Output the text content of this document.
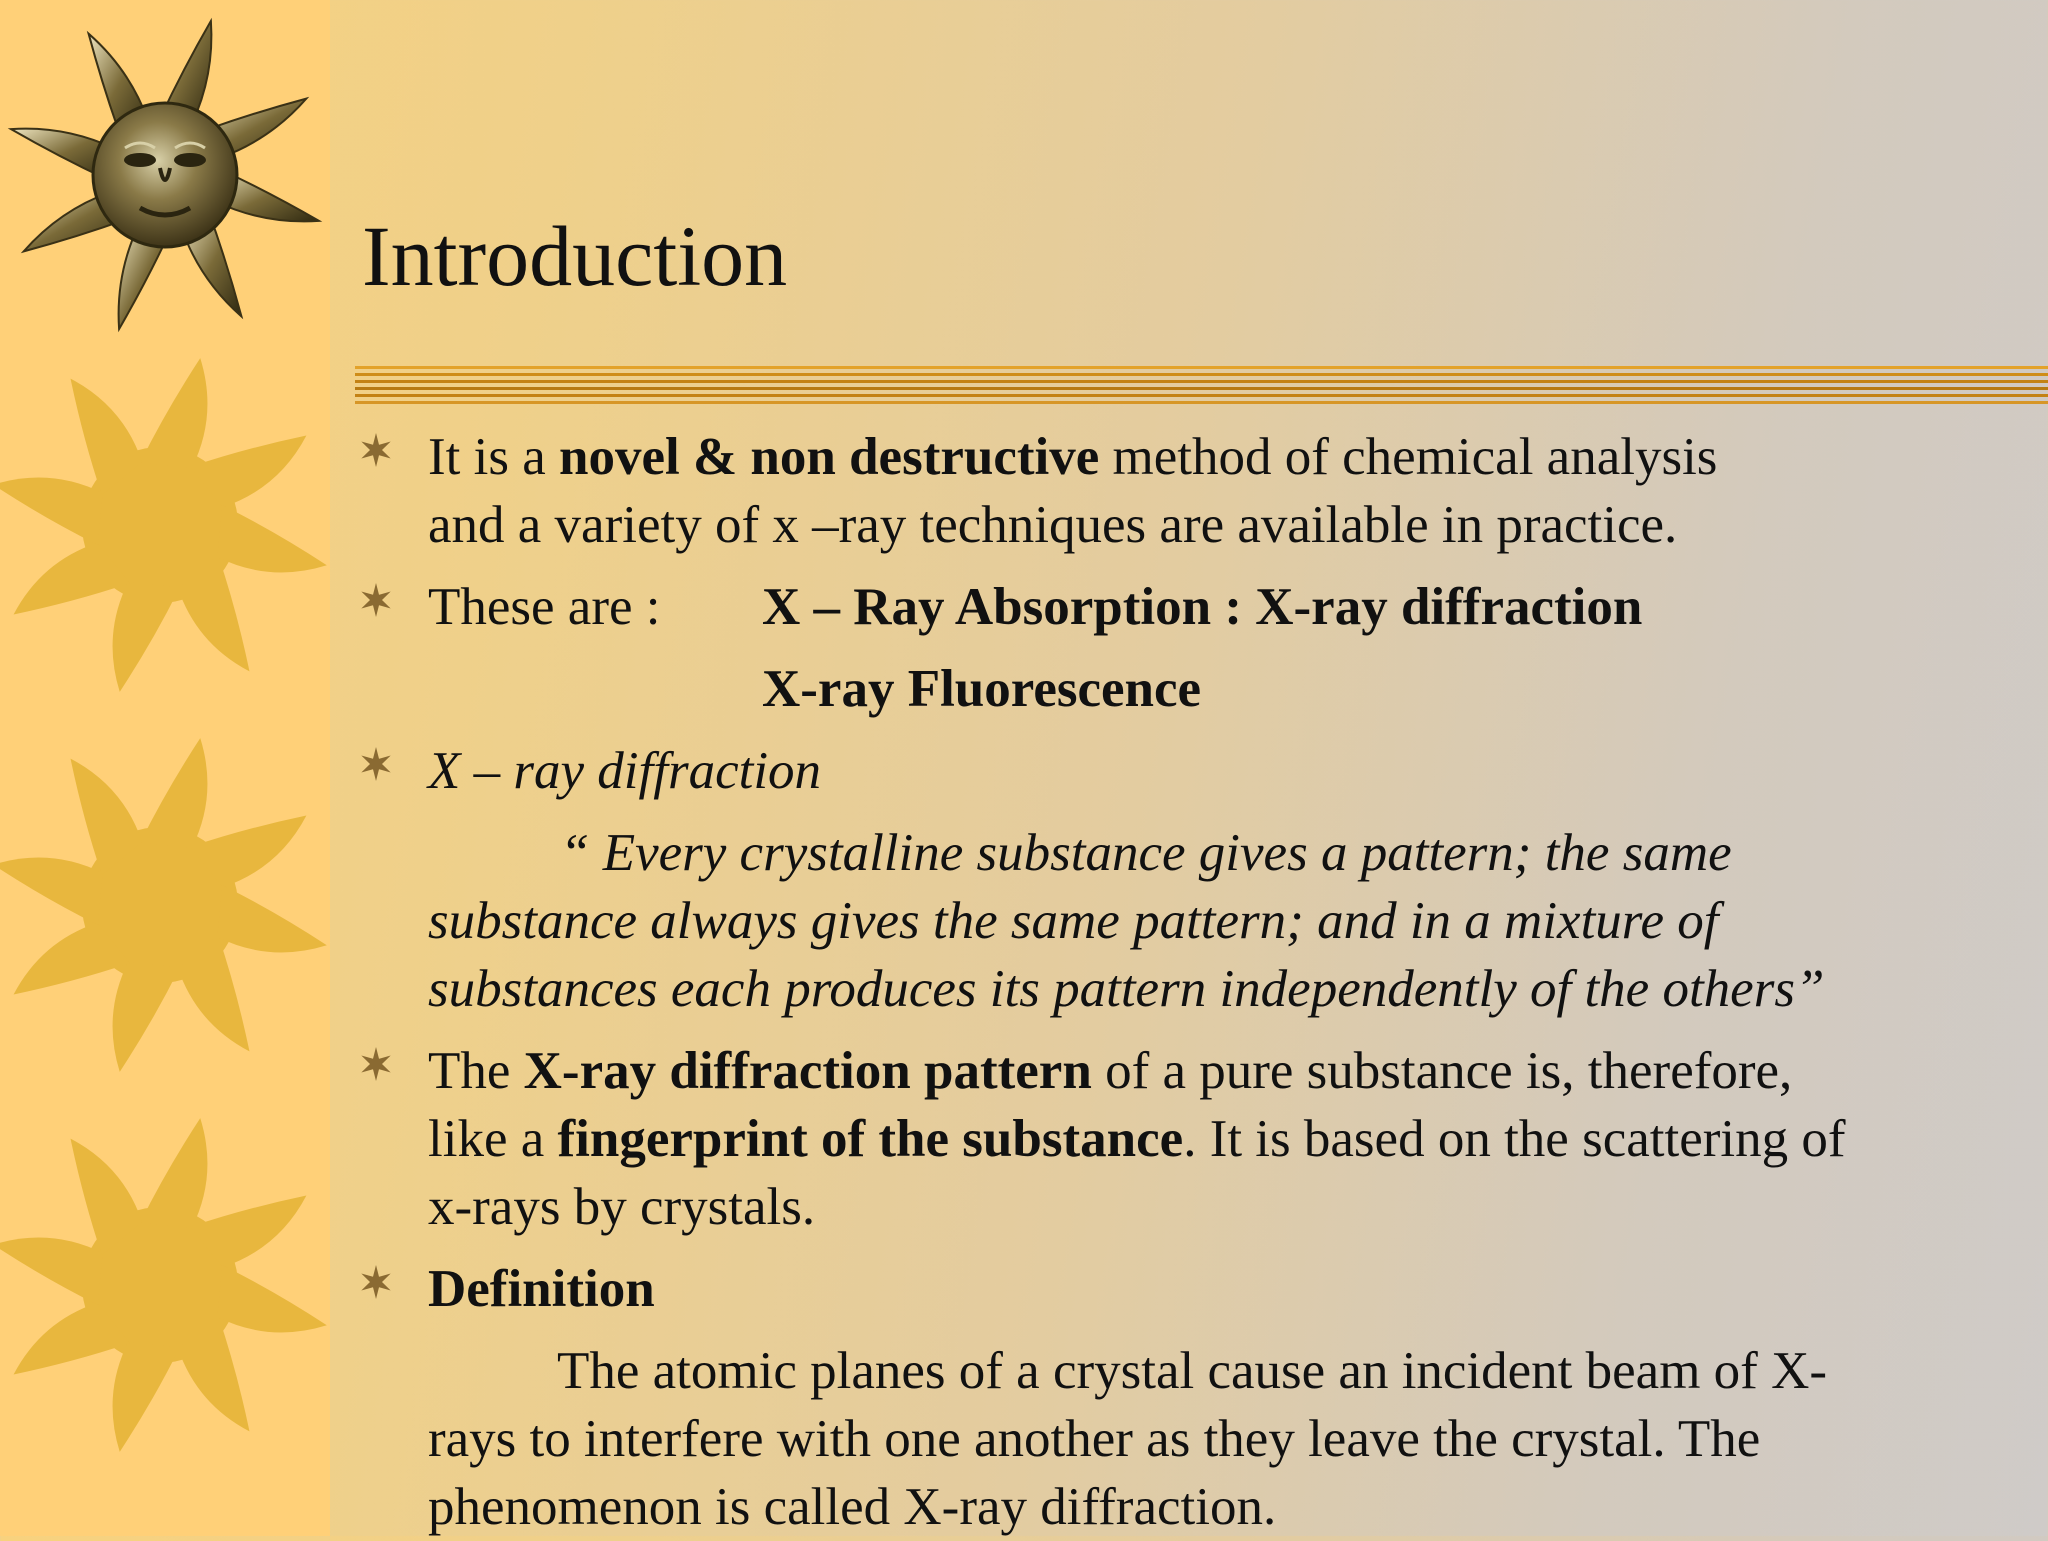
Introduction
It is a novel & non destructive method of chemical analysis
and a variety of x –ray techniques are available in practice.
These are : X – Ray Absorption : X-ray diffraction
X-ray Fluorescence
X – ray diffraction
“ Every crystalline substance gives a pattern; the same
substance always gives the same pattern; and in a mixture of
substances each produces its pattern independently of the others”
The X-ray diffraction pattern of a pure substance is, therefore,
like a fingerprint of the substance. It is based on the scattering of
x-rays by crystals.
Definition
The atomic planes of a crystal cause an incident beam of X-
rays to interfere with one another as they leave the crystal. The
phenomenon is called X-ray diffraction.
